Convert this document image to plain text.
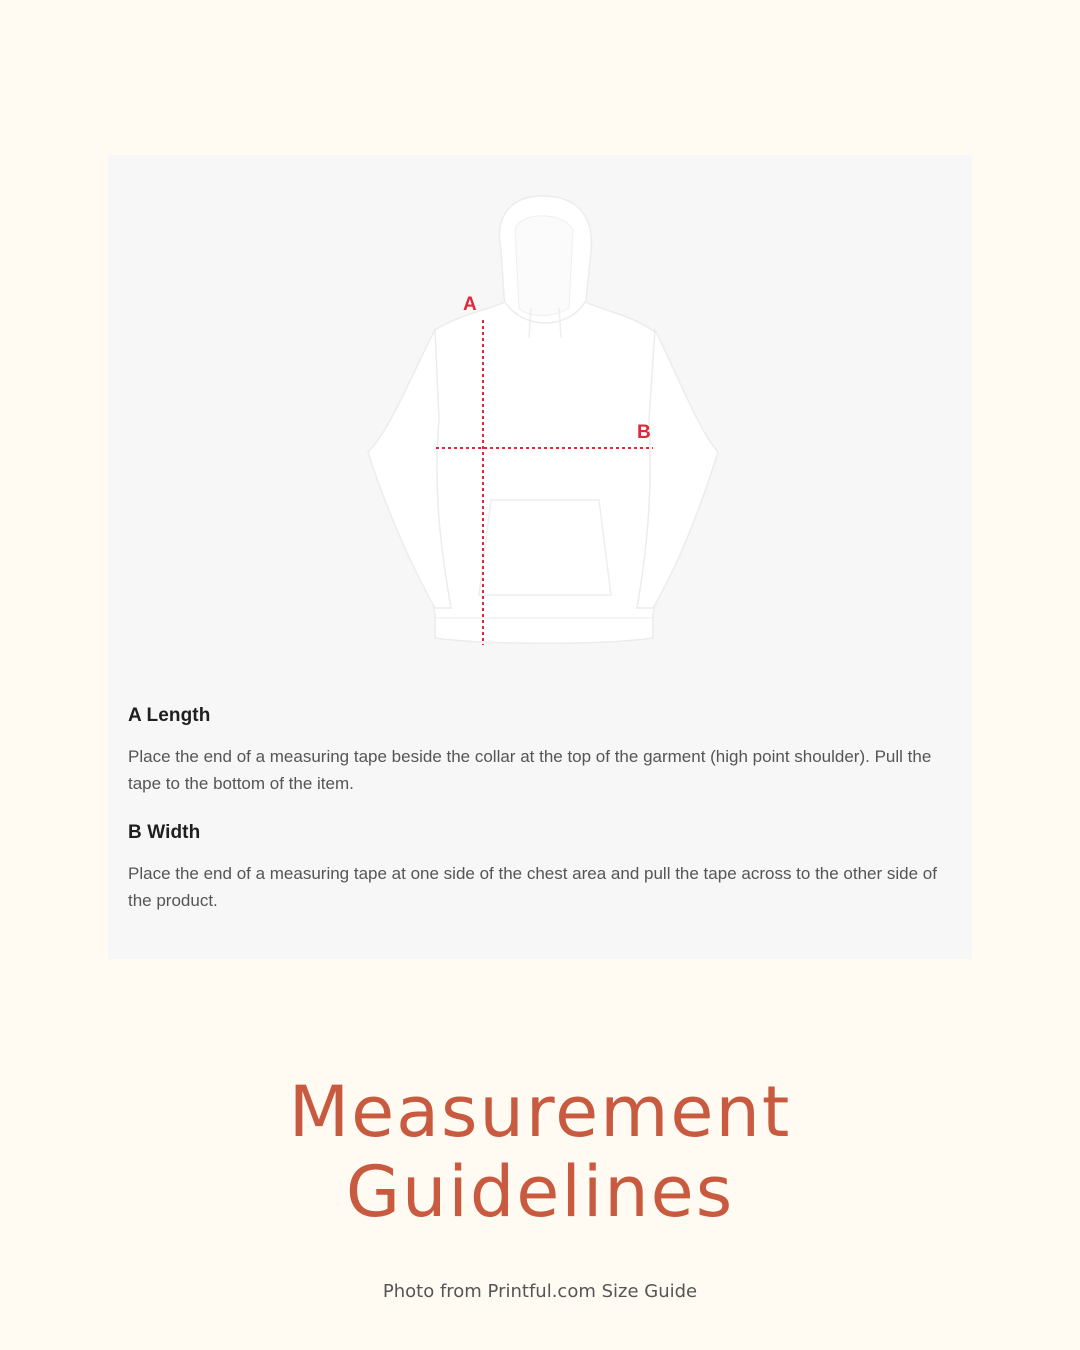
A
B
A Length

Place the end of a measuring tape beside the collar at the top of the garment (high point shoulder). Pull the tape to the bottom of the item.

B Width

Place the end of a measuring tape at one side of the chest area and pull the tape across to the other side of the product.

Measurement
Guidelines
Photo from Printful.com Size Guide
